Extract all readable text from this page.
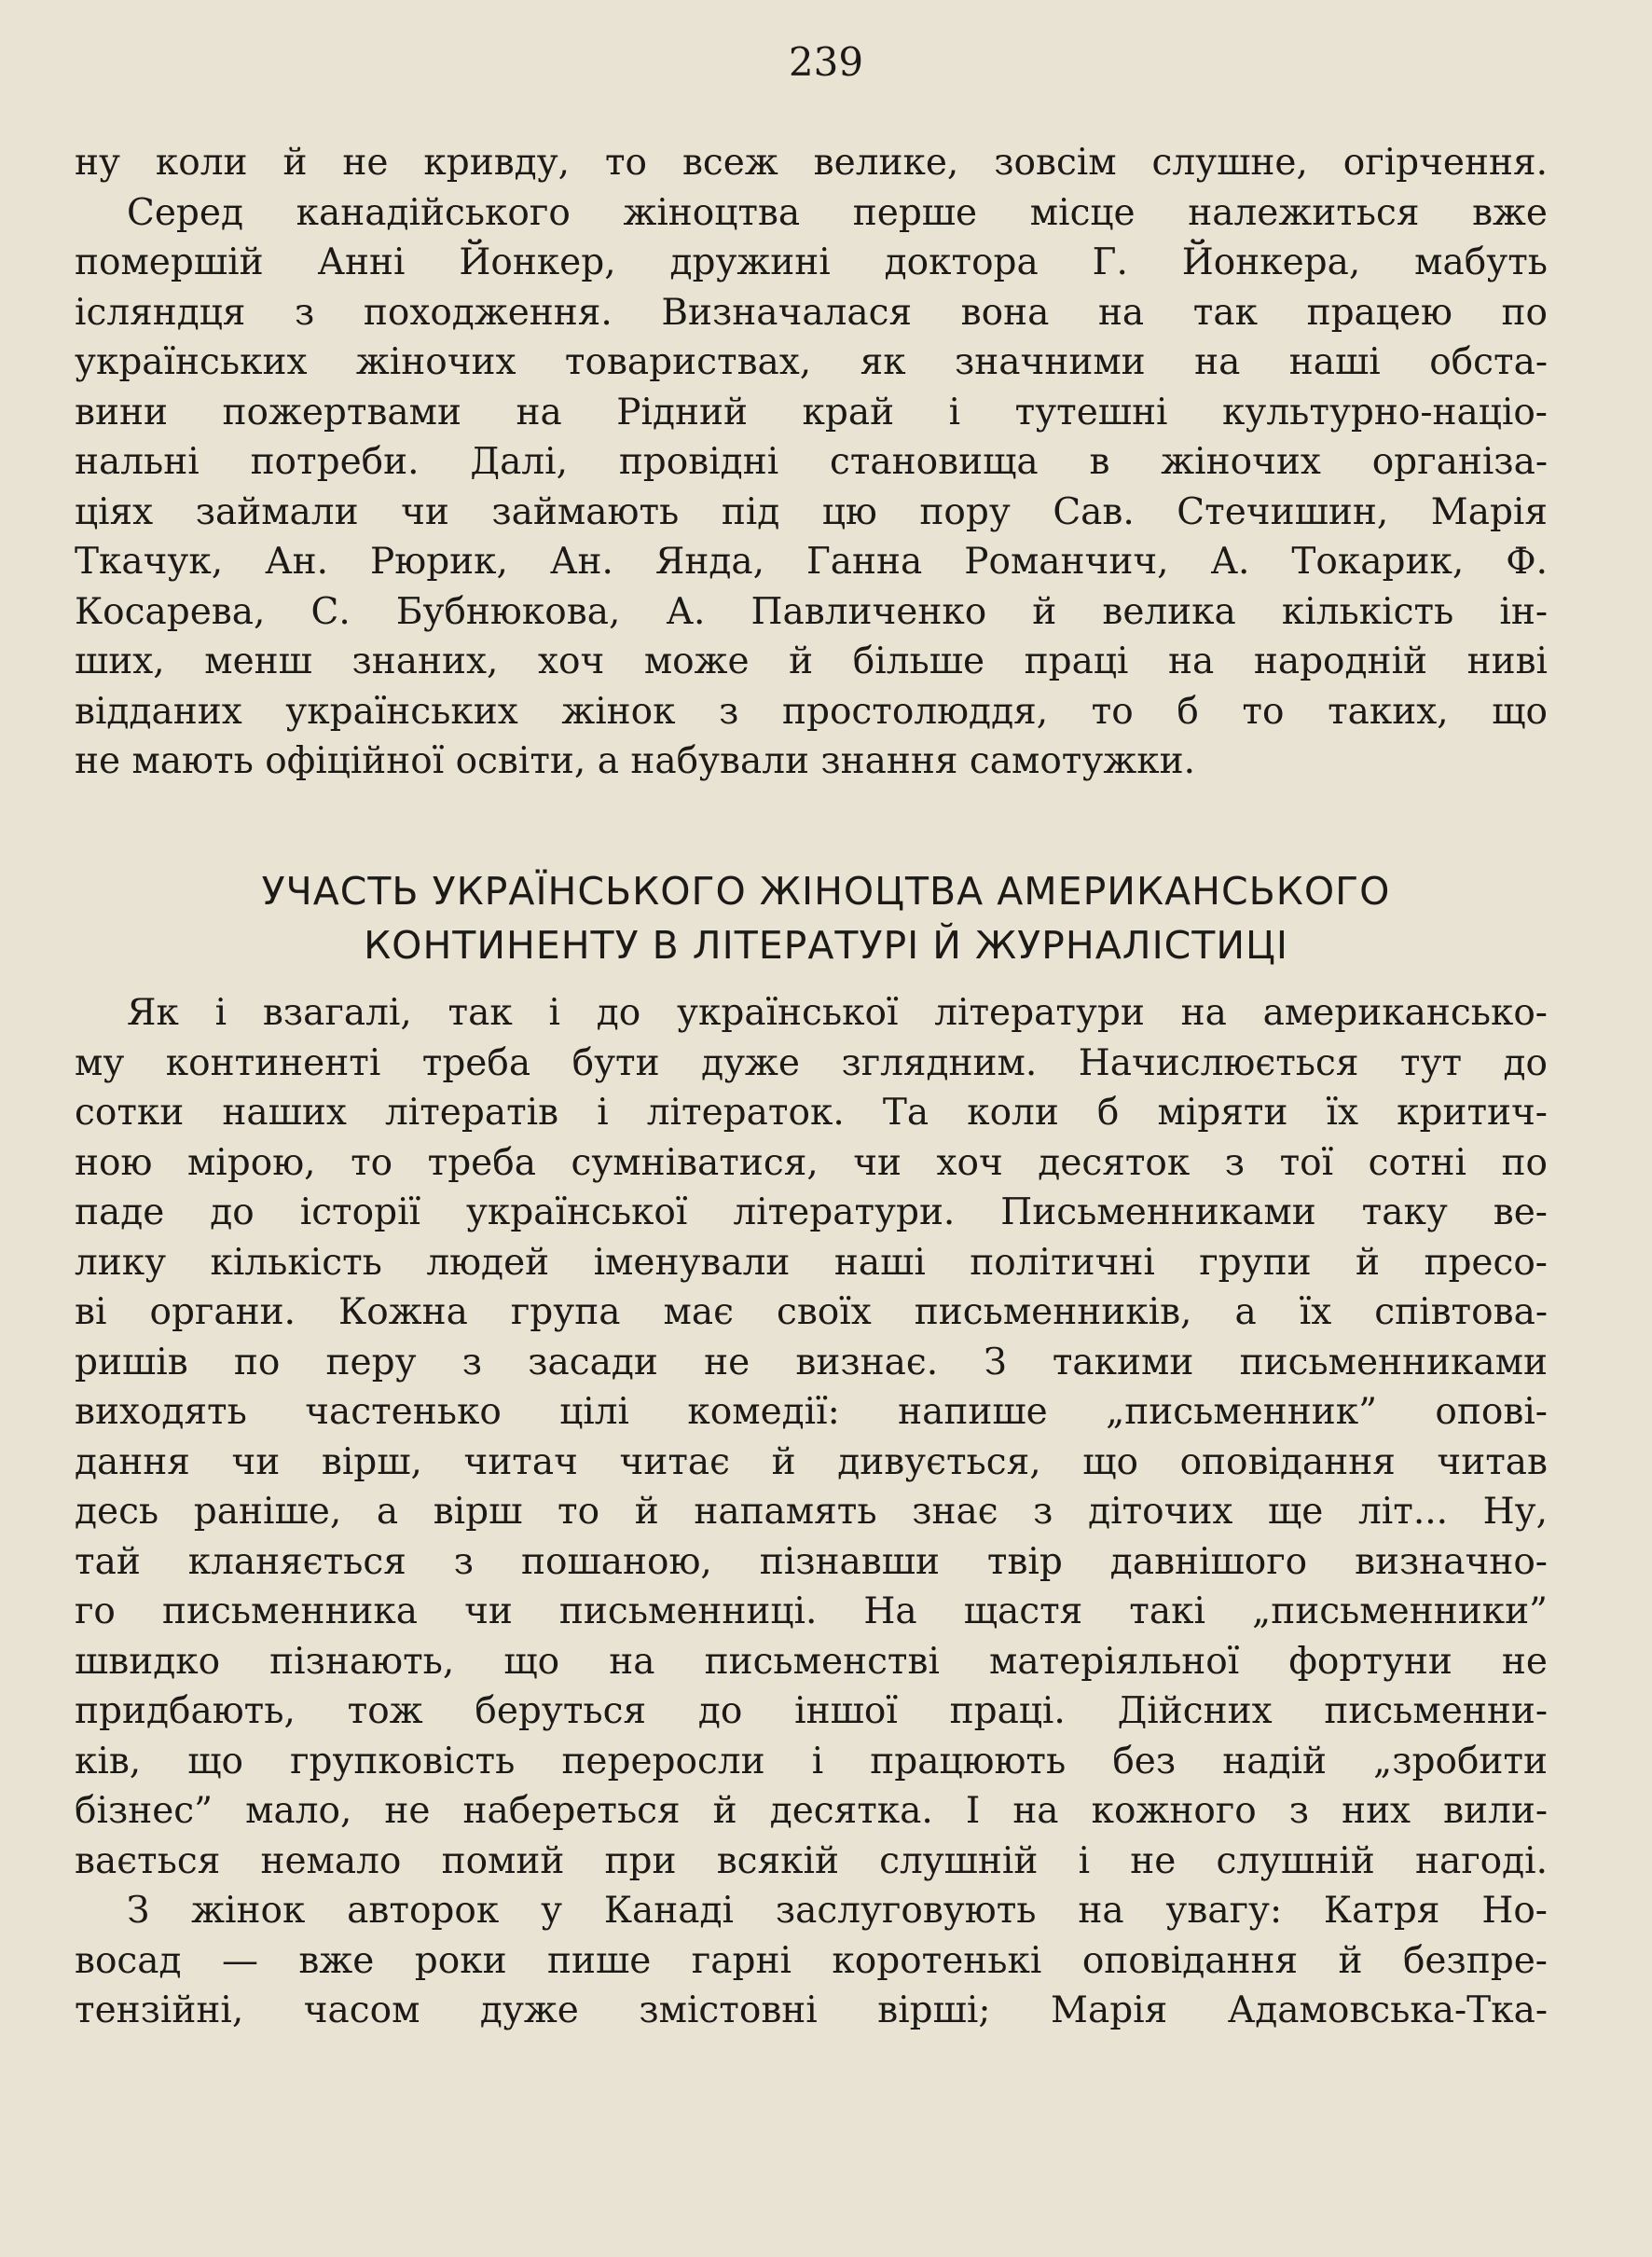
239
ну коли й не кривду, то всеж велике, зовсім слушне, огірчення.
Серед канадійського жіноцтва перше місце належиться вже
помершій Анні Йонкер, дружині доктора Г. Йонкера, мабуть
ісляндця з походження. Визначалася вона на так працею по
українських жіночих товариствах, як значними на наші обста-
вини пожертвами на Рідний край і тутешні культурно-націо-
нальні потреби. Далі, провідні становища в жіночих організа-
ціях займали чи займають під цю пору Сав. Стечишин, Марія
Ткачук, Ан. Рюрик, Ан. Янда, Ганна Романчич, А. Токарик, Ф.
Косарева, С. Бубнюкова, А. Павличенко й велика кількість ін-
ших, менш знаних, хоч може й більше праці на народній ниві
відданих українських жінок з простолюддя, то б то таких, що
не мають офіційної освіти, а набували знання самотужки.
УЧАСТЬ УКРАЇНСЬКОГО ЖІНОЦТВА АМЕРИКАНСЬКОГО
КОНТИНЕНТУ В ЛІТЕРАТУРІ Й ЖУРНАЛІСТИЦІ
Як і взагалі, так і до української літератури на американсько-
му континенті треба бути дуже зглядним. Начислюється тут до
сотки наших літератів і літераток. Та коли б міряти їх критич-
ною мірою, то треба сумніватися, чи хоч десяток з тої сотні по
паде до історії української літератури. Письменниками таку ве-
лику кількість людей іменували наші політичні групи й пресо-
ві органи. Кожна група має своїх письменників, а їх співтова-
ришів по перу з засади не визнає. З такими письменниками
виходять частенько цілі комедії: напише „письменник” опові-
дання чи вірш, читач читає й дивується, що оповідання читав
десь раніше, а вірш то й напамять знає з діточих ще літ... Ну,
тай кланяється з пошаною, пізнавши твір давнішого визначно-
го письменника чи письменниці. На щастя такі „письменники”
швидко пізнають, що на письменстві матеріяльної фортуни не
придбають, тож беруться до іншої праці. Дійсних письменни-
ків, що групковість переросли і працюють без надій „зробити
бізнес” мало, не набереться й десятка. І на кожного з них вили-
вається немало помий при всякій слушній і не слушній нагоді.
З жінок авторок у Канаді заслуговують на увагу: Катря Но-
восад — вже роки пише гарні коротенькі оповідання й безпре-
тензійні, часом дуже змістовні вірші; Марія Адамовська-Тка-
